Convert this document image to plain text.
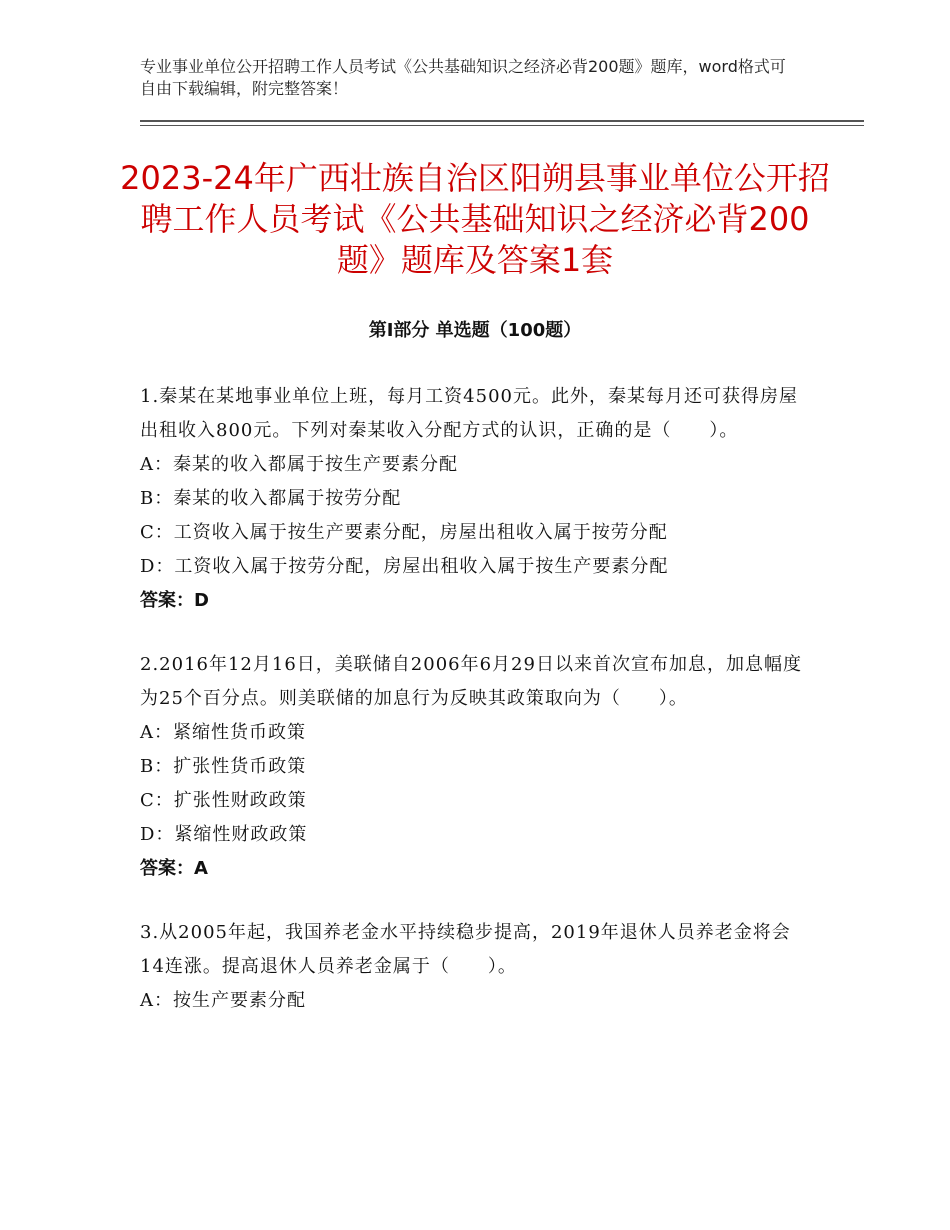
专业事业单位公开招聘工作人员考试《公共基础知识之经济必背200题》题库，word格式可自由下载编辑，附完整答案！
2023-24年广西壮族自治区阳朔县事业单位公开招聘工作人员考试《公共基础知识之经济必背200题》题库及答案1套
第Ⅰ部分 单选题（100题）
1.秦某在某地事业单位上班，每月工资4500元。此外，秦某每月还可获得房屋出租收入800元。下列对秦某收入分配方式的认识，正确的是（　　）。
A：秦某的收入都属于按生产要素分配
B：秦某的收入都属于按劳分配
C：工资收入属于按生产要素分配，房屋出租收入属于按劳分配
D：工资收入属于按劳分配，房屋出租收入属于按生产要素分配
答案：D
2.2016年12月16日，美联储自2006年6月29日以来首次宣布加息，加息幅度为25个百分点。则美联储的加息行为反映其政策取向为（　　）。
A：紧缩性货币政策
B：扩张性货币政策
C：扩张性财政政策
D：紧缩性财政政策
答案：A
3.从2005年起，我国养老金水平持续稳步提高，2019年退休人员养老金将会14连涨。提高退休人员养老金属于（　　）。
A：按生产要素分配
